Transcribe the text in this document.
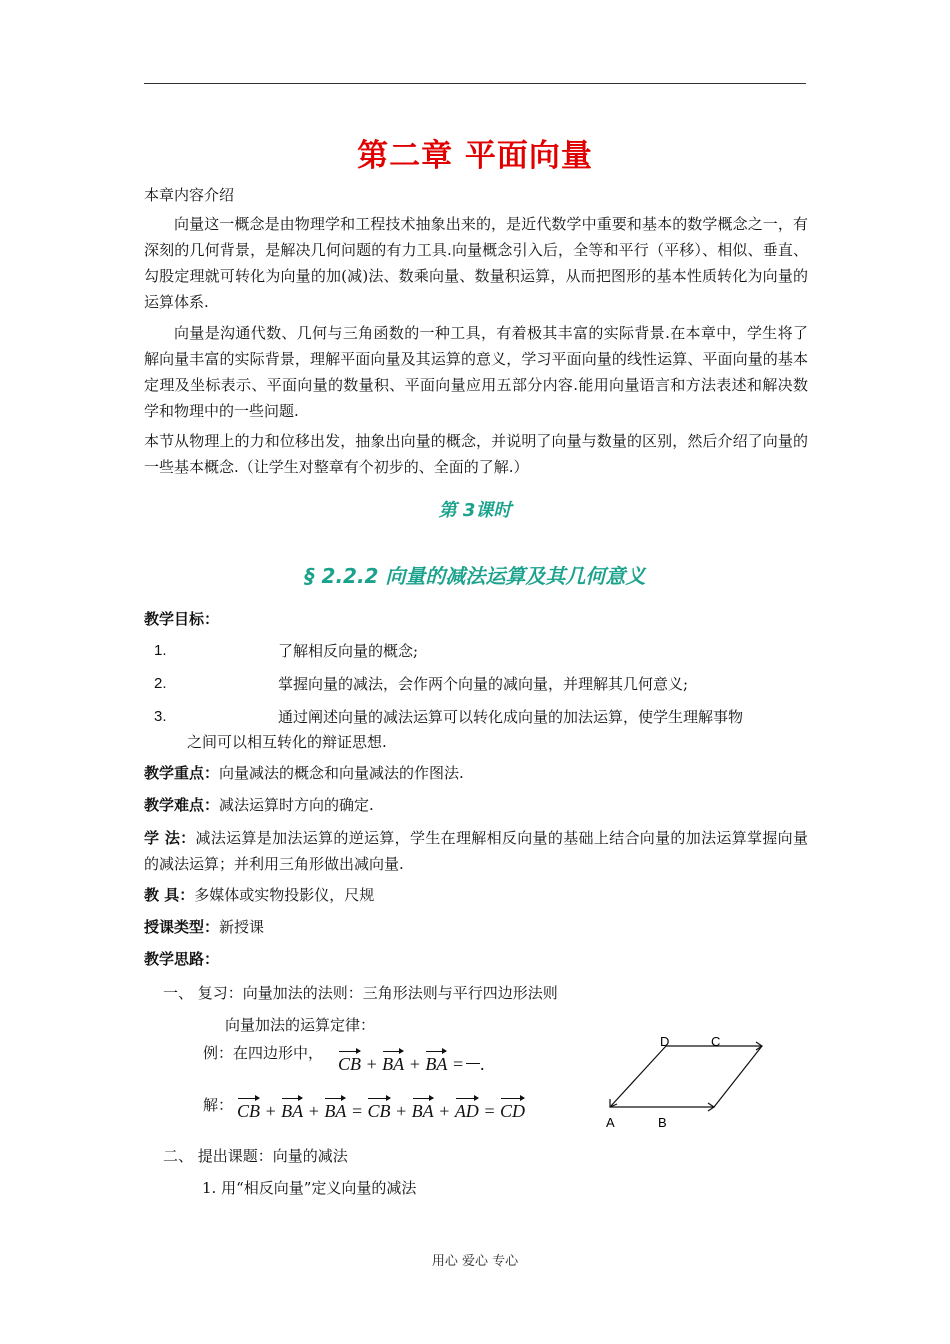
第二章 平面向量
本章内容介绍
向量这一概念是由物理学和工程技术抽象出来的，是近代数学中重要和基本的数学概念之一，有深刻的几何背景，是解决几何问题的有力工具.向量概念引入后，全等和平行（平移）、相似、垂直、勾股定理就可转化为向量的加(减)法、数乘向量、数量积运算，从而把图形的基本性质转化为向量的运算体系.
向量是沟通代数、几何与三角函数的一种工具，有着极其丰富的实际背景.在本章中，学生将了解向量丰富的实际背景，理解平面向量及其运算的意义，学习平面向量的线性运算、平面向量的基本定理及坐标表示、平面向量的数量积、平面向量应用五部分内容.能用向量语言和方法表述和解决数学和物理中的一些问题.
本节从物理上的力和位移出发，抽象出向量的概念，并说明了向量与数量的区别，然后介绍了向量的一些基本概念.（让学生对整章有个初步的、全面的了解.）
第 3课时
§ 2.2.2 向量的减法运算及其几何意义
教学目标：
1.	了解相反向量的概念;
2.	掌握向量的减法，会作两个向量的减向量，并理解其几何意义;
3.	通过阐述向量的减法运算可以转化成向量的加法运算，使学生理解事物
之间可以相互转化的辩证思想.
教学重点：向量减法的概念和向量减法的作图法.
教学难点：减法运算时方向的确定.
学 法：减法运算是加法运算的逆运算，学生在理解相反向量的基础上结合向量的加法运算掌握向量的减法运算；并利用三角形做出减向量.
教 具：多媒体或实物投影仪，尺规
授课类型：新授课
教学思路：
一、 复习：向量加法的法则：三角形法则与平行四边形法则
向量加法的运算定律：
例：在四边形中，
CB + BA + BA = .
解： CB + BA + BA = CB + BA + AD = CD
D	C
A	B
二、 提出课题：向量的减法
1. 用“相反向量”定义向量的减法
用心 爱心 专心
